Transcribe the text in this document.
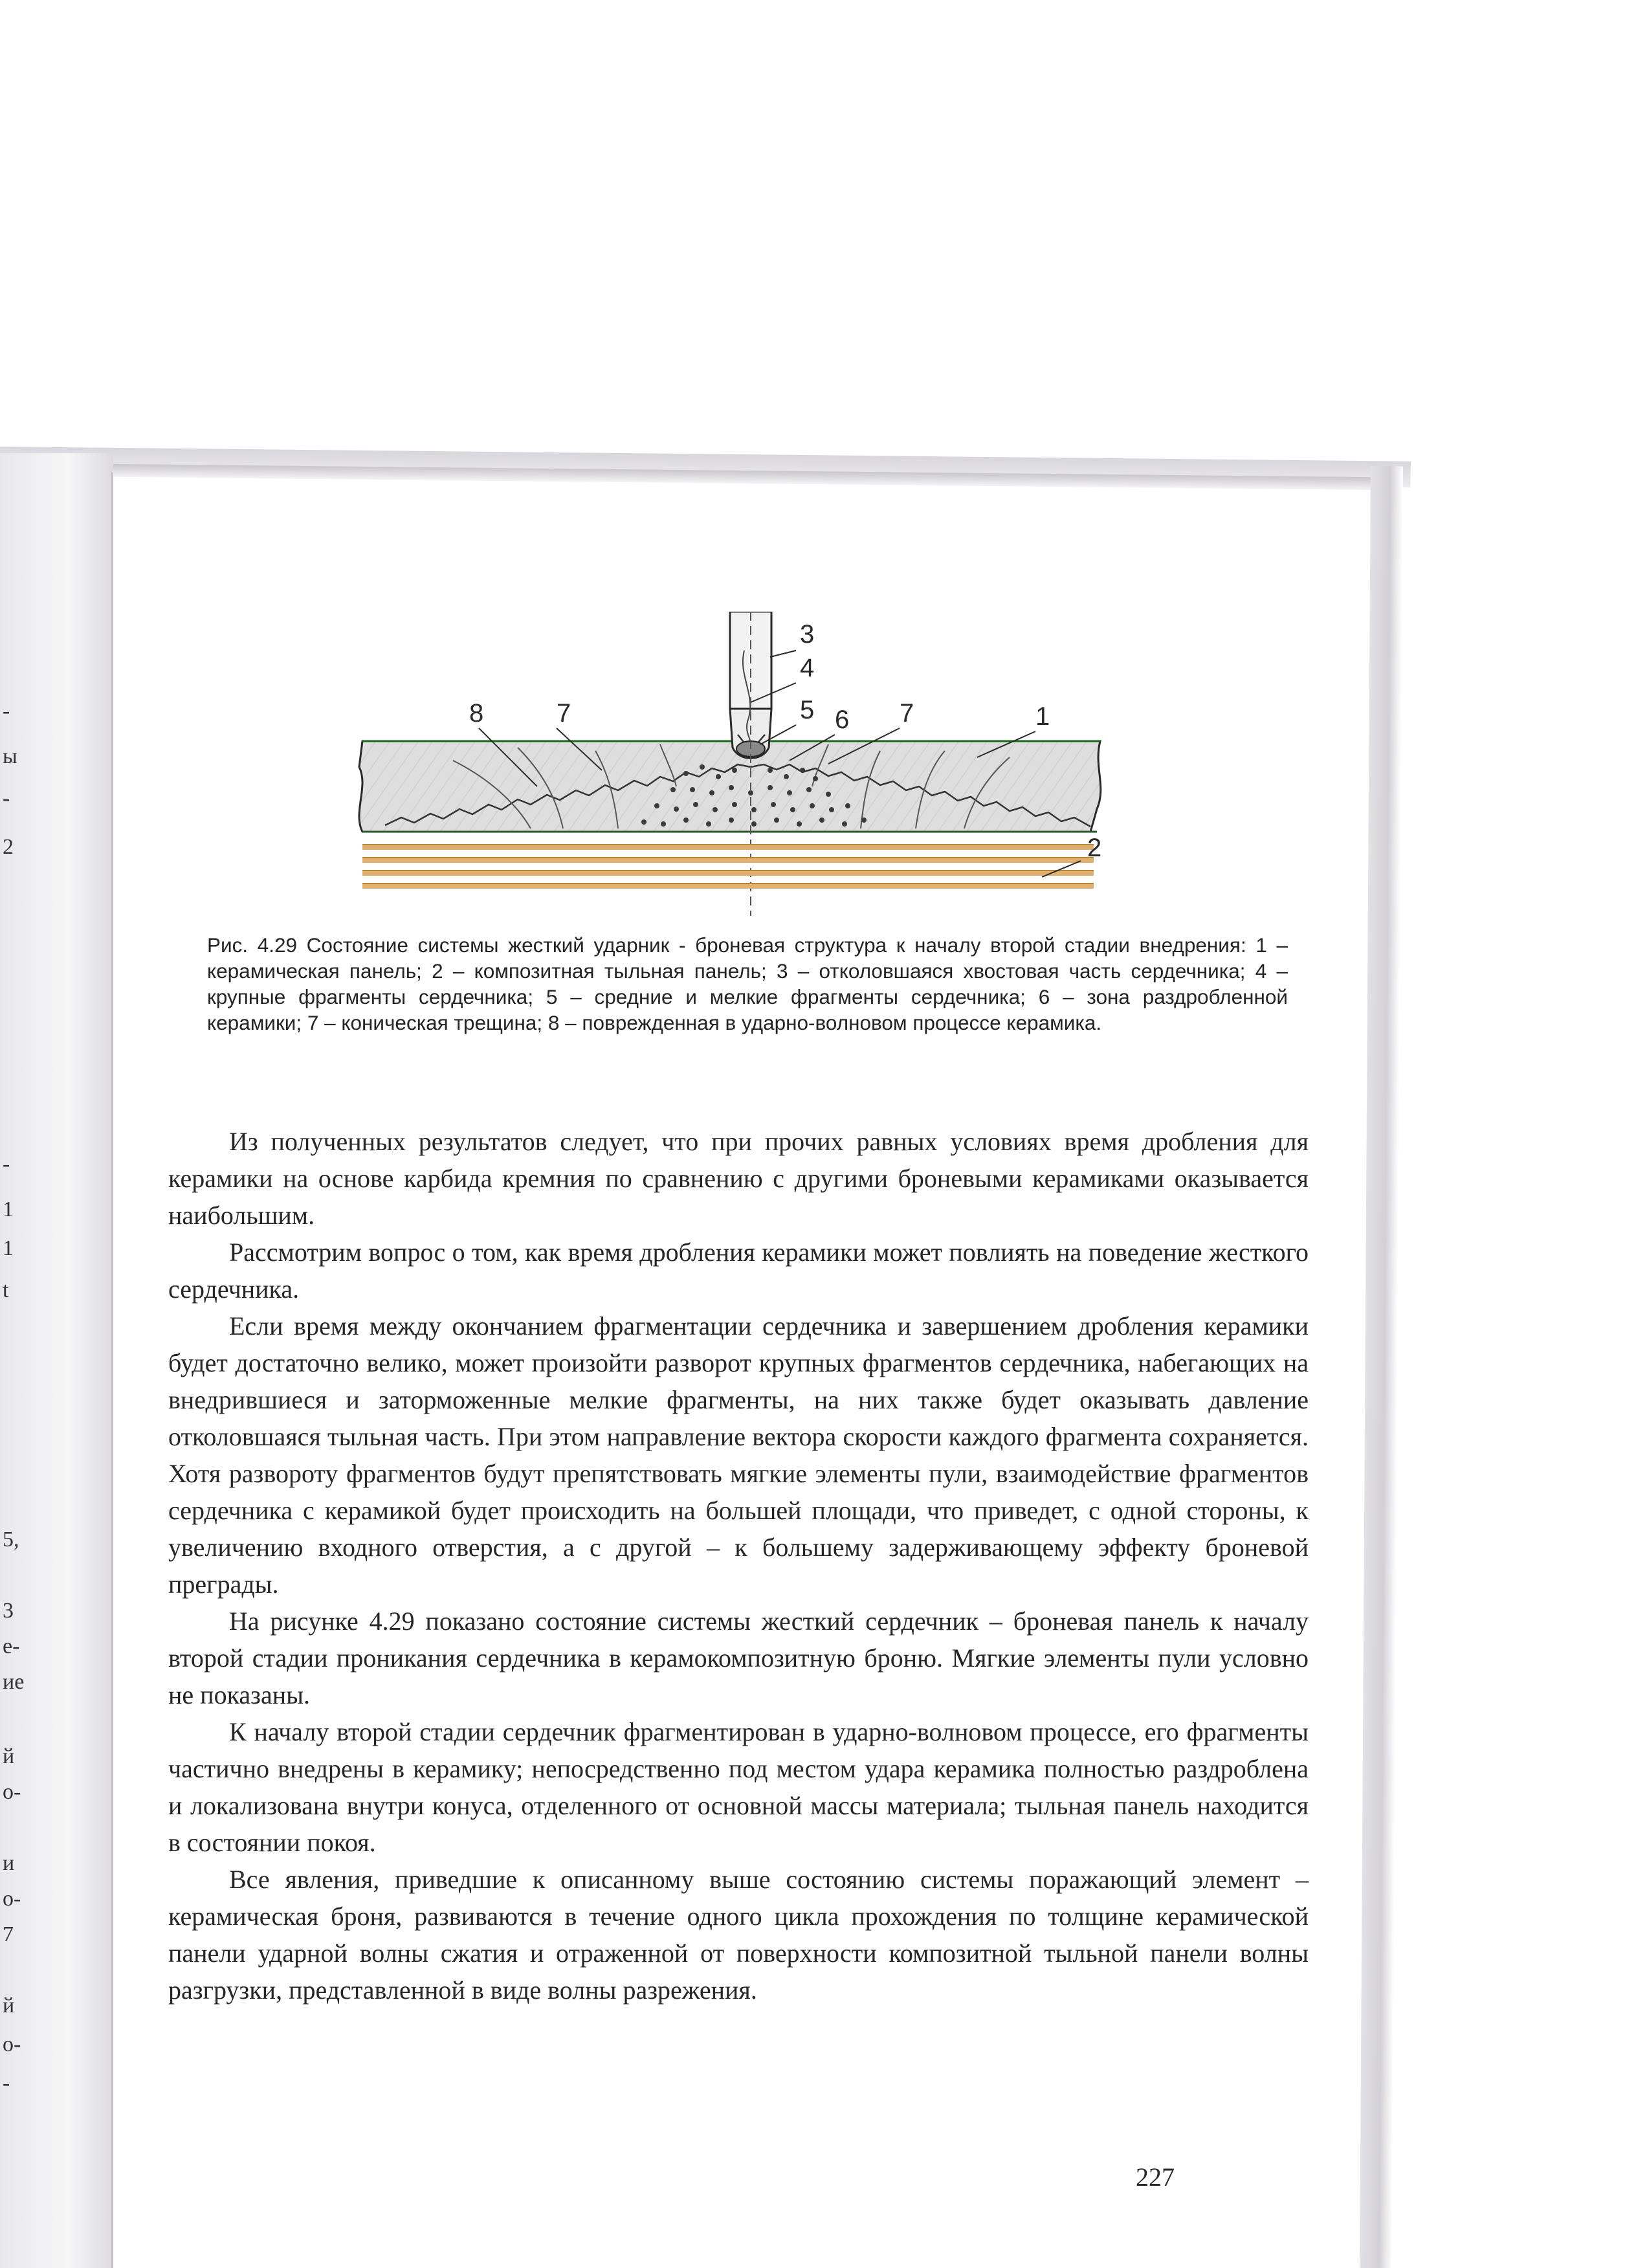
-
ы
-
2
-
1
1
t
5,
3
е-
ие
й
о-
и
о-
7
й
о-
-
3
4
5 6
7
8	7	1
2
Рис. 4.29 Состояние системы жесткий ударник - броневая структура к началу второй стадии внедрения: 1 – керамическая панель; 2 – композитная тыльная панель; 3 – отколовшаяся хвостовая часть сердечника; 4 – крупные фрагменты сердечника; 5 – средние и мелкие фрагменты сердечника; 6 – зона раздробленной керамики; 7 – коническая трещина; 8 – поврежденная в ударно-волновом процессе керамика.

Из полученных результатов следует, что при прочих равных условиях время дробления для керамики на основе карбида кремния по сравнению с другими броневыми керамиками оказывается наибольшим.

Рассмотрим вопрос о том, как время дробления керамики может повлиять на поведение жесткого сердечника.

Если время между окончанием фрагментации сердечника и завершением дробления керамики будет достаточно велико, может произойти разворот крупных фрагментов сердечника, набегающих на внедрившиеся и заторможенные мелкие фрагменты, на них также будет оказывать давление отколовшаяся тыльная часть. При этом направление вектора скорости каждого фрагмента сохраняется. Хотя развороту фрагментов будут препятствовать мягкие элементы пули, взаимодействие фрагментов сердечника с керамикой будет происходить на большей площади, что приведет, с одной стороны, к увеличению входного отверстия, а с другой – к большему задерживающему эффекту броневой преграды.

На рисунке 4.29 показано состояние системы жесткий сердечник – броневая панель к началу второй стадии проникания сердечника в керамокомпозитную броню. Мягкие элементы пули условно не показаны.

К началу второй стадии сердечник фрагментирован в ударно-волновом процессе, его фрагменты частично внедрены в керамику; непосредственно под местом удара керамика полностью раздроблена и локализована внутри конуса, отделенного от основной массы материала; тыльная панель находится в состоянии покоя.

Все явления, приведшие к описанному выше состоянию системы поражающий элемент – керамическая броня, развиваются в течение одного цикла прохождения по толщине керамической панели ударной волны сжатия и отраженной от поверхности композитной тыльной панели волны разгрузки, представленной в виде волны разрежения.

227
